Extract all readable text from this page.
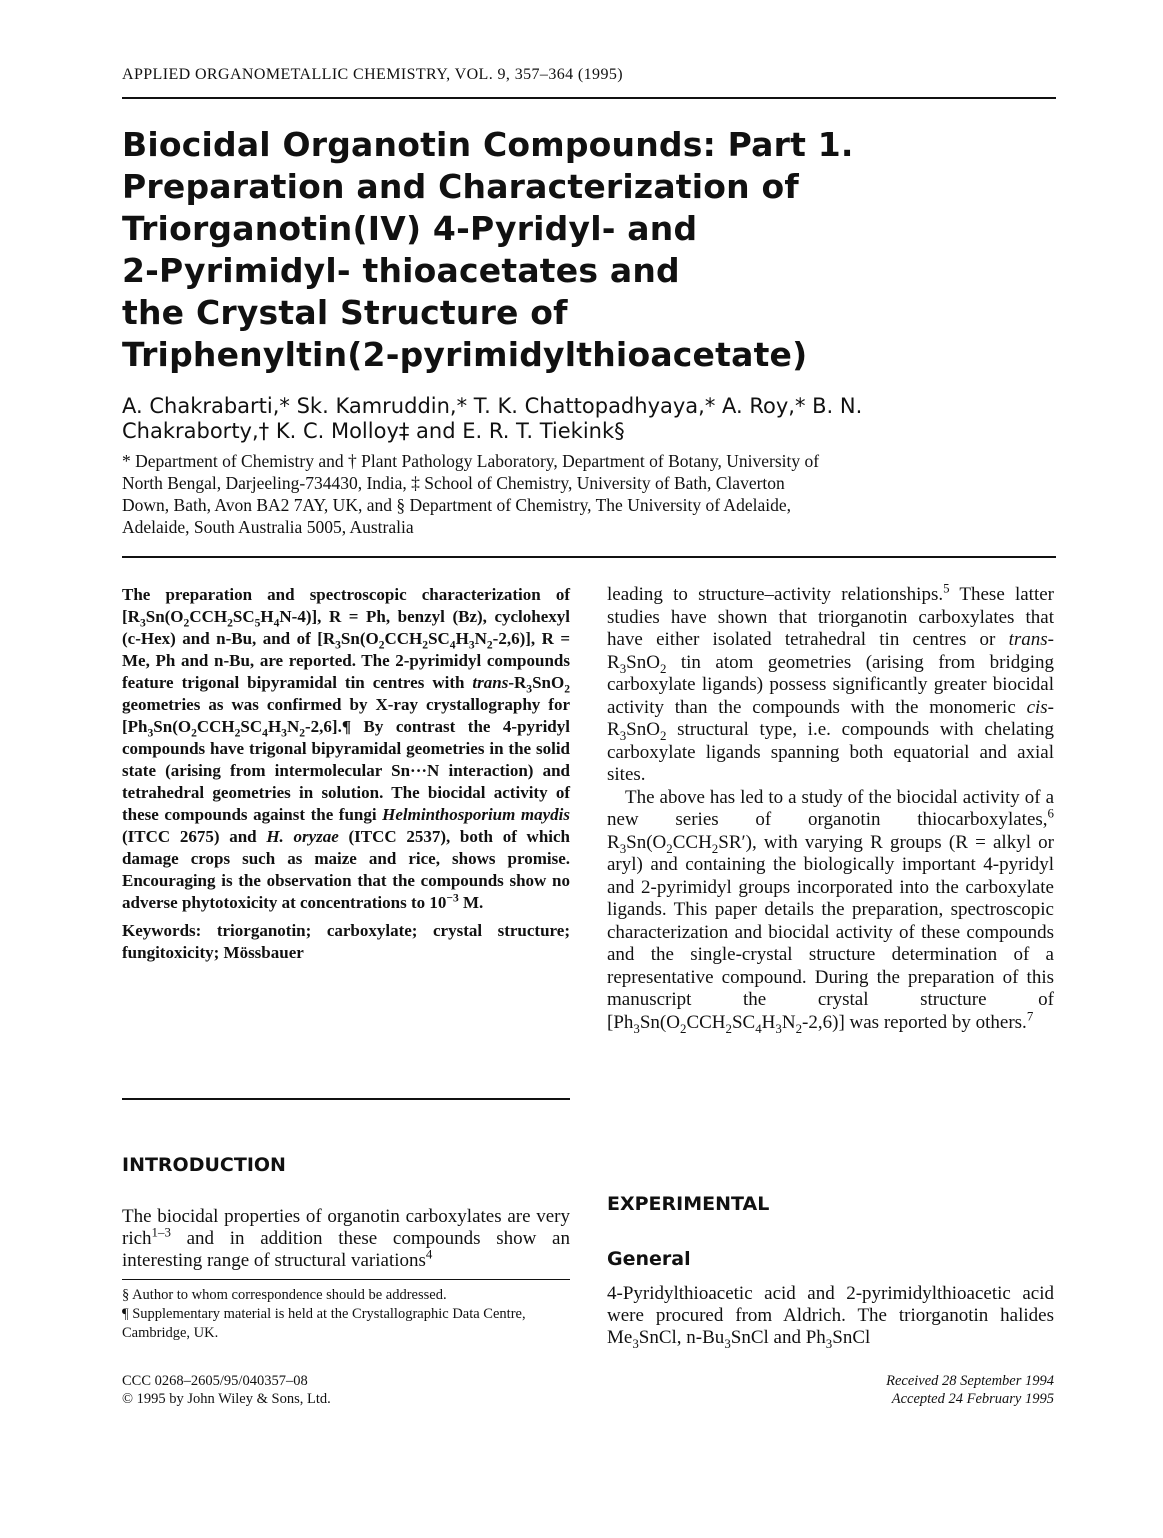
APPLIED ORGANOMETALLIC CHEMISTRY, VOL. 9, 357–364 (1995)
Biocidal Organotin Compounds: Part 1.
Preparation and Characterization of
Triorganotin(IV) 4-Pyridyl- and
2-Pyrimidyl- thioacetates and
the Crystal Structure of
Triphenyltin(2-pyrimidylthioacetate)
A. Chakrabarti,* Sk. Kamruddin,* T. K. Chattopadhyaya,* A. Roy,* B. N.
Chakraborty,† K. C. Molloy‡ and E. R. T. Tiekink§
* Department of Chemistry and † Plant Pathology Laboratory, Department of Botany, University of
North Bengal, Darjeeling-734430, India, ‡ School of Chemistry, University of Bath, Claverton
Down, Bath, Avon BA2 7AY, UK, and § Department of Chemistry, The University of Adelaide,
Adelaide, South Australia 5005, Australia

The preparation and spectroscopic characterization of $[R_3Sn(O_2CCH_2SC_5H_4N-4)]$, R = Ph, benzyl (Bz), cyclohexyl (c-Hex) and n-Bu, and of $[R_3Sn(O_2CCH_2SC_4H_3N_2-2,6)]$, R = Me, Ph and n-Bu, are reported. The 2-pyrimidyl compounds feature trigonal bipyramidal tin centres with trans-$R_3SnO_2$ geometries as was confirmed by X-ray crystallography for [$Ph_3Sn(O_2CCH_2SC_4H_3N_2-2,6].\P$ By contrast the 4-pyridyl compounds have trigonal bipyramidal geometries in the solid state (arising from intermolecular Sn···N interaction) and tetrahedral geometries in solution. The biocidal activity of these compounds against the fungi Helminthosporium maydis (ITCC 2675) and H. oryzae (ITCC 2537), both of which damage crops such as maize and rice, shows promise. Encouraging is the observation that the compounds show no adverse phytotoxicity at concentrations to $10^{-3}$ M.

Keywords: triorganotin; carboxylate; crystal structure; fungitoxicity; Mössbauer

INTRODUCTION

The biocidal properties of organotin carboxylates are very rich$^{1-3}$ and in addition these compounds show an interesting range of structural variations$^4$

§ Author to whom correspondence should be addressed.

¶ Supplementary material is held at the Crystallographic Data Centre, Cambridge, UK.

CCC 0268–2605/95/040357–08

© 1995 by John Wiley & Sons, Ltd.

leading to structure–activity relationships.$^5$ These latter studies have shown that triorganotin carboxylates that have either isolated tetrahedral tin centres or trans-$R_3SnO_2$ tin atom geometries (arising from bridging carboxylate ligands) possess significantly greater biocidal activity than the compounds with the monomeric cis-$R_3SnO_2$ structural type, i.e. compounds with chelating carboxylate ligands spanning both equatorial and axial sites.

The above has led to a study of the biocidal activity of a new series of organotin thiocarboxylates,$^6$ $R_3Sn(O_2CCH_2SR')$, with varying R groups (R = alkyl or aryl) and containing the biologically important 4-pyridyl and 2-pyrimidyl groups incorporated into the carboxylate ligands. This paper details the preparation, spectroscopic characterization and biocidal activity of these compounds and the single-crystal structure determination of a representative compound. During the preparation of this manuscript the crystal structure of $[Ph_3Sn(O_2CCH_2SC_4H_3N_2-2,6)]$ was reported by others.$^7$

EXPERIMENTAL
General

4-Pyridylthioacetic acid and 2-pyrimidylthioacetic acid were procured from Aldrich. The triorganotin halides $Me_3SnCl$, $n-Bu_3SnCl$ and $Ph_3SnCl$

Received 28 September 1994

Accepted 24 February 1995
